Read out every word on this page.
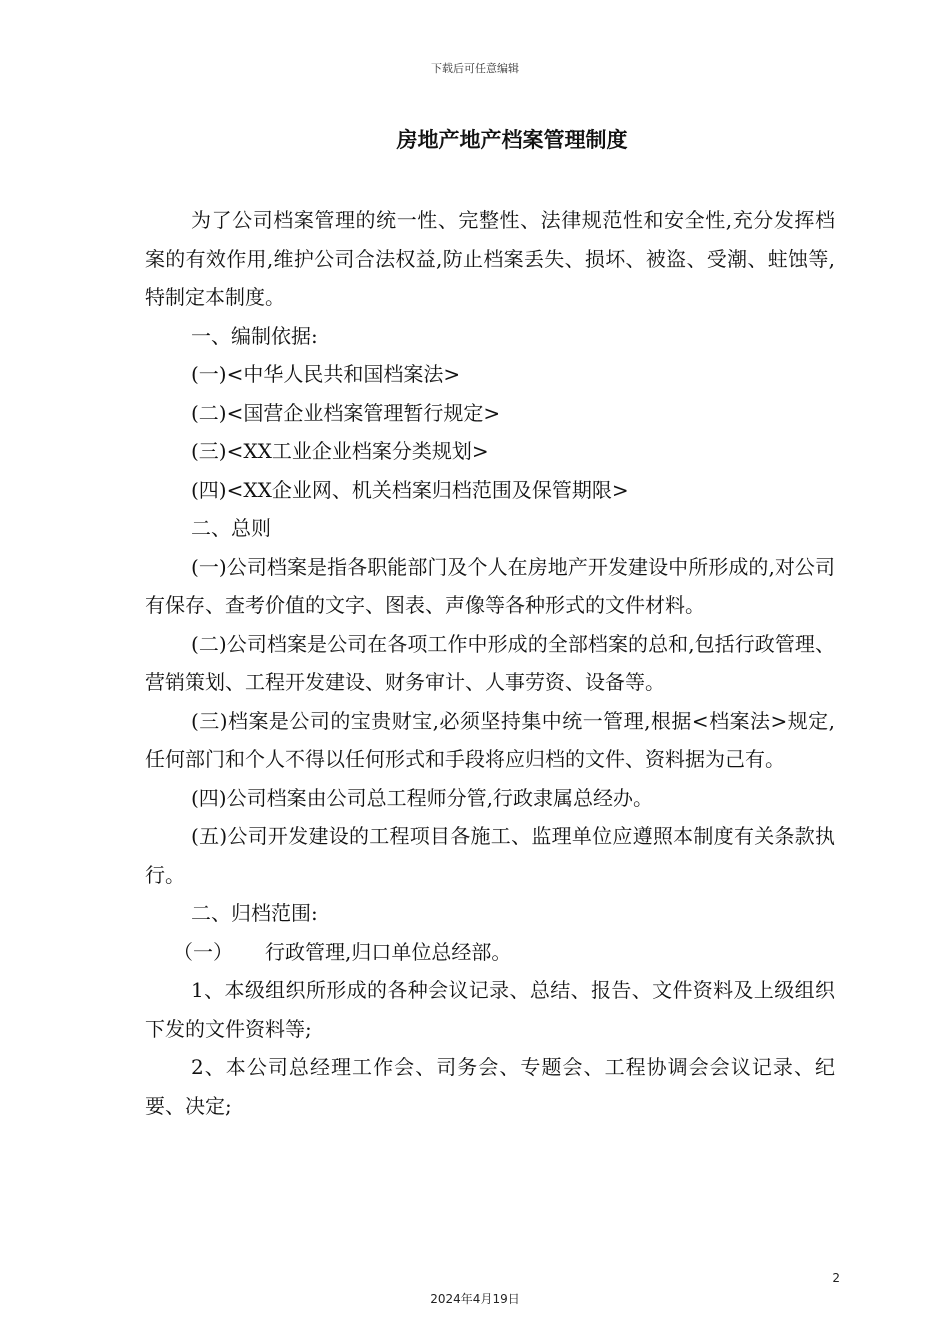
下载后可任意编辑
房地产地产档案管理制度

为了公司档案管理的统一性、完整性、法律规范性和安全性,充分发挥档案的有效作用,维护公司合法权益,防止档案丢失、损坏、被盗、受潮、蛀蚀等,特制定本制度。

一、编制依据:

(一)<中华人民共和国档案法>

(二)<国营企业档案管理暂行规定>

(三)<XX工业企业档案分类规划>

(四)<XX企业网、机关档案归档范围及保管期限>

二、总则

(一)公司档案是指各职能部门及个人在房地产开发建设中所形成的,对公司有保存、查考价值的文字、图表、声像等各种形式的文件材料。

(二)公司档案是公司在各项工作中形成的全部档案的总和,包括行政管理、营销策划、工程开发建设、财务审计、人事劳资、设备等。

(三)档案是公司的宝贵财宝,必须坚持集中统一管理,根据<档案法>规定,任何部门和个人不得以任何形式和手段将应归档的文件、资料据为己有。

(四)公司档案由公司总工程师分管,行政隶属总经办。

(五)公司开发建设的工程项目各施工、监理单位应遵照本制度有关条款执行。

二、归档范围:

（一） 行政管理,归口单位总经部。

1、本级组织所形成的各种会议记录、总结、报告、文件资料及上级组织下发的文件资料等;

2、本公司总经理工作会、司务会、专题会、工程协调会会议记录、纪要、决定;

2
2024年4月19日
